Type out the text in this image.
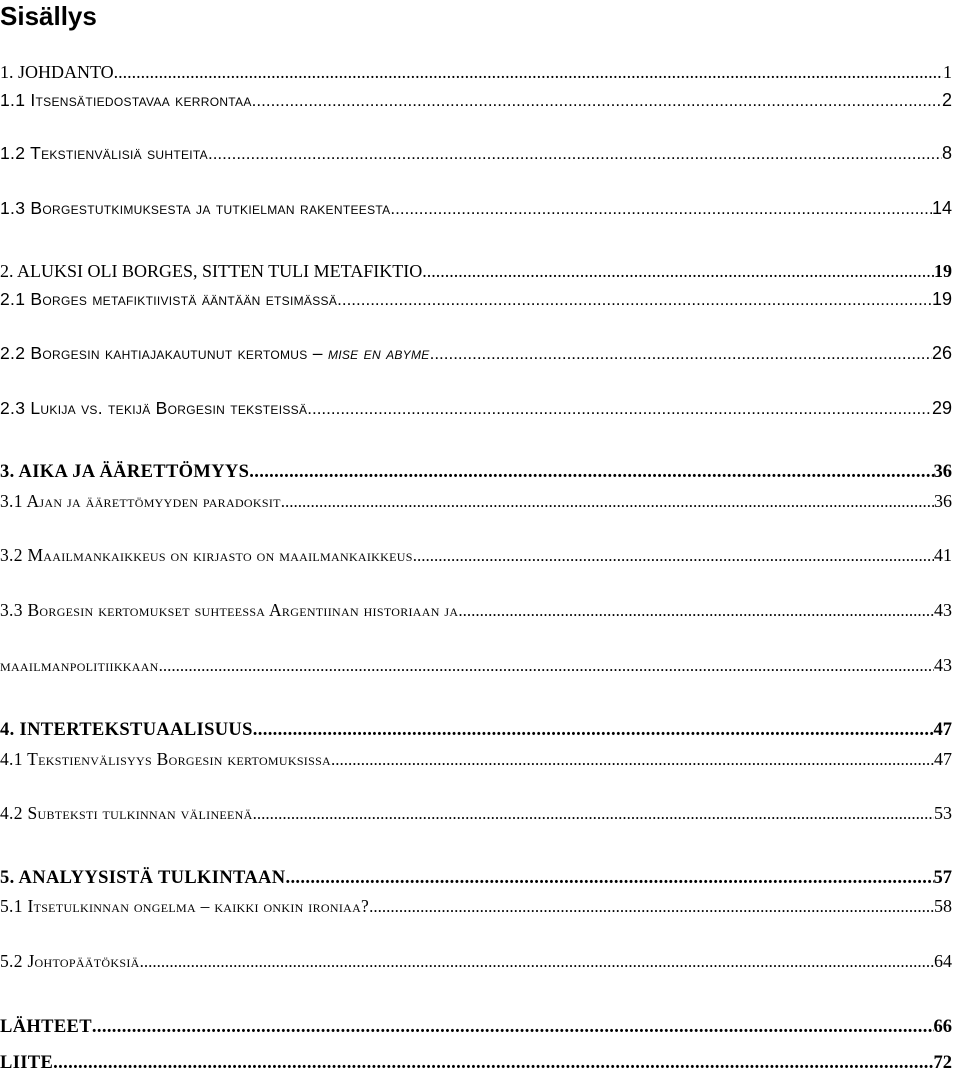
Sisällys
1. JOHDANTO .....	1
1.1 Itsensätiedostavaa kerrontaa .....	2
1.2 Tekstienvälisiä suhteita .....	8
1.3 Borgestutkimuksesta ja tutkielman rakenteesta .....	14
2. ALUKSI OLI BORGES, SITTEN TULI METAFIKTIO .....	19
2.1 Borges metafiktiivistä ääntään etsimässä .....	19
2.2 Borgesin kahtiajakautunut kertomus – mise en abyme .....	26
2.3 Lukija vs. tekijä Borgesin teksteissä .....	29
3. AIKA JA ÄÄRETTÖMYYS .....	36
3.1 Ajan ja äärettömyyden paradoksit .....	36
3.2 Maailmankaikkeus on kirjasto on maailmankaikkeus .....	41
3.3 Borgesin kertomukset suhteessa Argentiinan historiaan ja .....	43
maailmanpolitiikkaan .....	43
4. INTERTEKSTUAALISUUS .....	47
4.1 Tekstienvälisyys Borgesin kertomuksissa .....	47
4.2 Subteksti tulkinnan välineenä .....	53
5. ANALYYSISTÄ TULKINTAAN .....	57
5.1 Itsetulkinnan ongelma – kaikki onkin ironiaa? .....	58
5.2 Johtopäätöksiä .....	64
LÄHTEET .....	66
LIITE .....	72
